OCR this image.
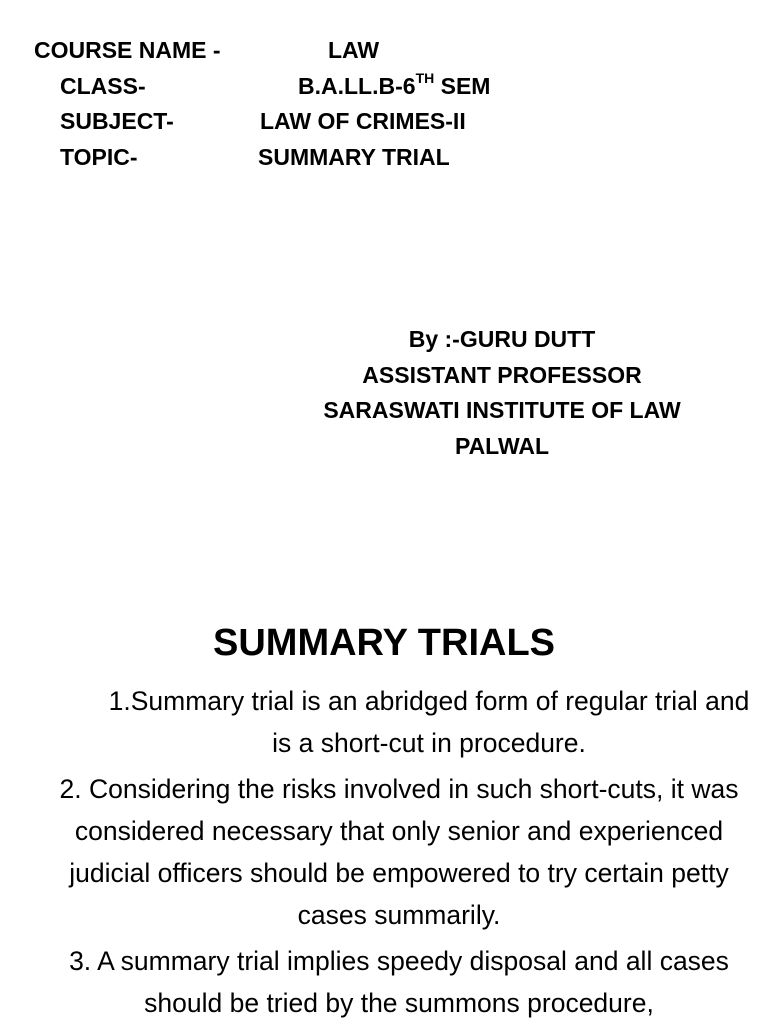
COURSE NAME -	LAW
CLASS-	B.A.LL.B-6TH SEM
SUBJECT-	LAW OF CRIMES-II
TOPIC-	SUMMARY TRIAL
By :-GURU DUTT
ASSISTANT PROFESSOR
SARASWATI INSTITUTE OF LAW
PALWAL
SUMMARY TRIALS

1.Summary trial is an abridged form of regular trial and is a short-cut in procedure.

2. Considering the risks involved in such short-cuts, it was considered necessary that only senior and experienced judicial officers should be empowered to try certain petty cases summarily.

3. A summary trial implies speedy disposal and all cases should be tried by the summons procedure,
